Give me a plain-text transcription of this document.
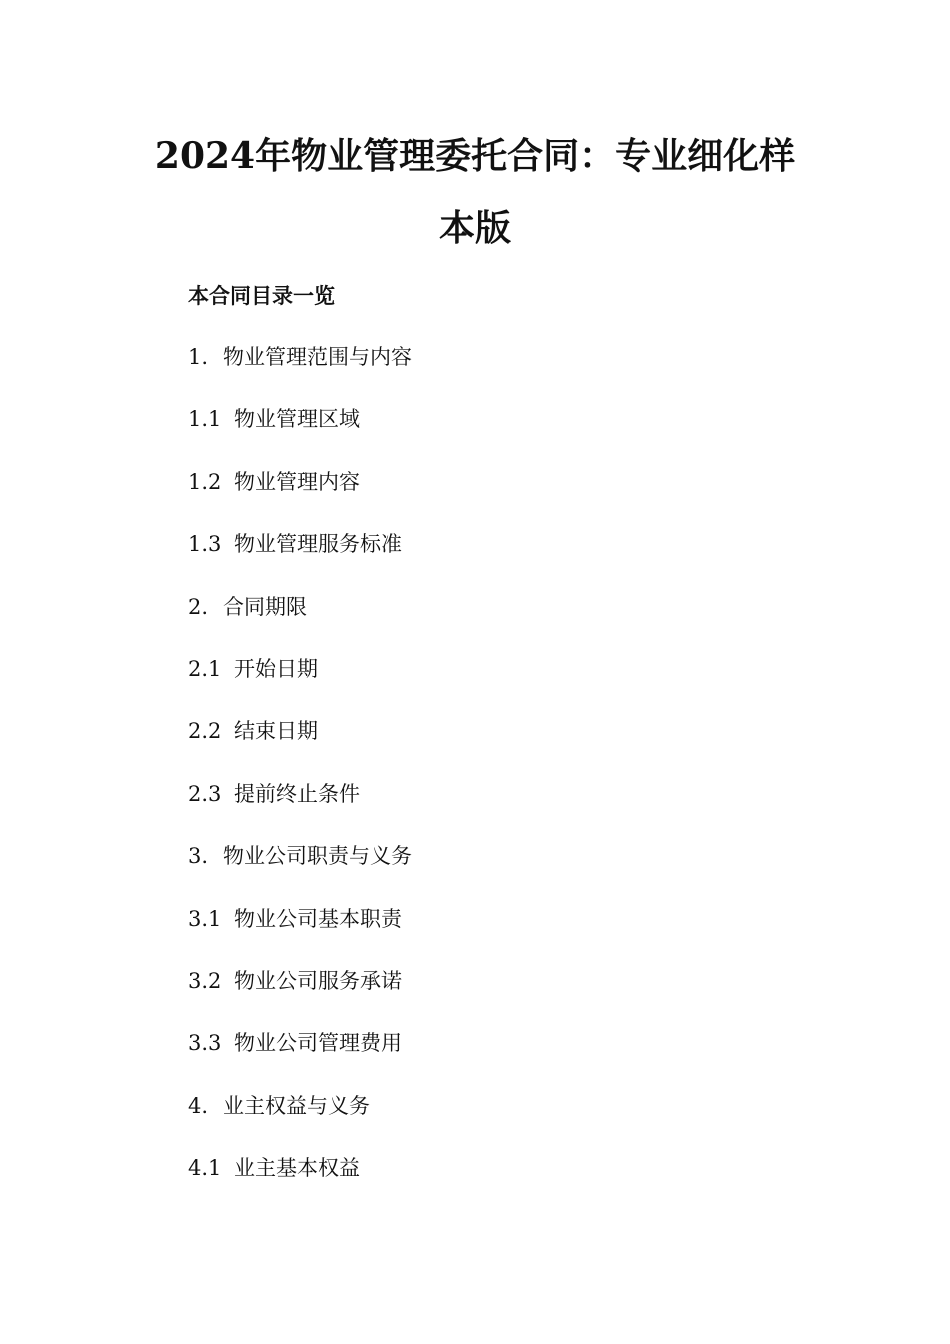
2024年物业管理委托合同：专业细化样本版
本合同目录一览
1. 物业管理范围与内容
1.1 物业管理区域
1.2 物业管理内容
1.3 物业管理服务标准
2. 合同期限
2.1 开始日期
2.2 结束日期
2.3 提前终止条件
3. 物业公司职责与义务
3.1 物业公司基本职责
3.2 物业公司服务承诺
3.3 物业公司管理费用
4. 业主权益与义务
4.1 业主基本权益
